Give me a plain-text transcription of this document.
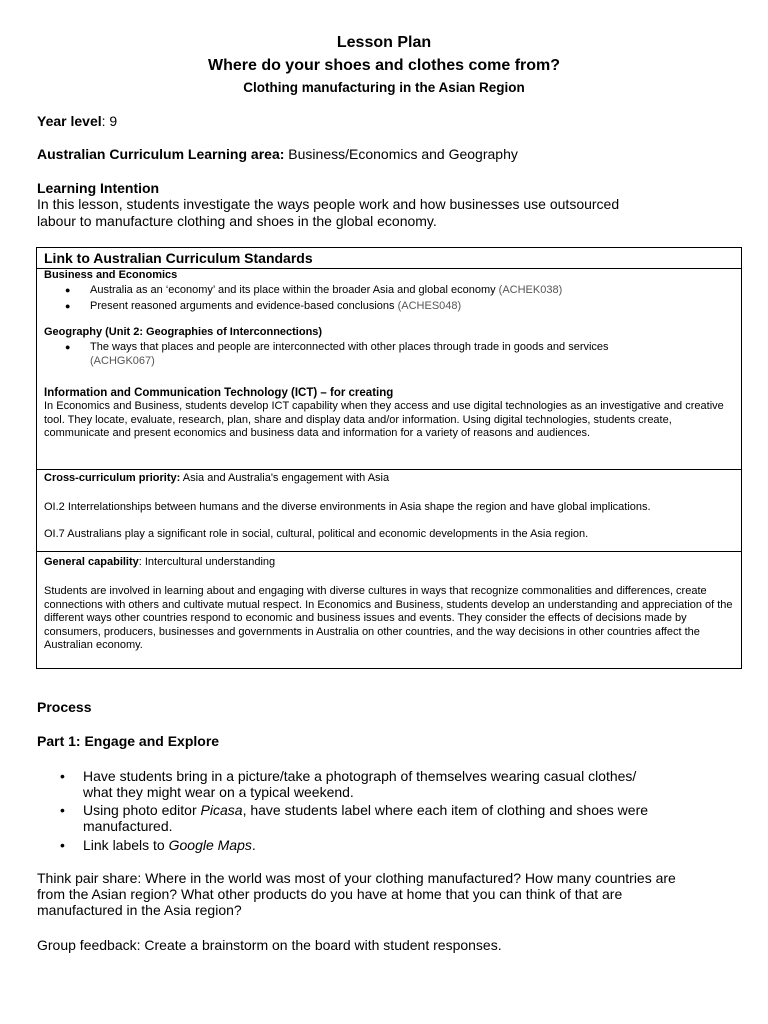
Lesson Plan
Where do your shoes and clothes come from?
Clothing manufacturing in the Asian Region
Year level: 9
Australian Curriculum Learning area: Business/Economics and Geography
Learning Intention
In this lesson, students investigate the ways people work and how businesses use outsourced labour to manufacture clothing and shoes in the global economy.
Link to Australian Curriculum Standards
Business and Economics
● Australia as an ‘economy’ and its place within the broader Asia and global economy (ACHEK038)
● Present reasoned arguments and evidence-based conclusions (ACHES048)
Geography (Unit 2: Geographies of Interconnections)
● The ways that places and people are interconnected with other places through trade in goods and services
(ACHGK067)
Information and Communication Technology (ICT) – for creating
In Economics and Business, students develop ICT capability when they access and use digital technologies as an investigative and creative tool. They locate, evaluate, research, plan, share and display data and/or information. Using digital technologies, students create, communicate and present economics and business data and information for a variety of reasons and audiences.
Cross-curriculum priority: Asia and Australia's engagement with Asia
OI.2 Interrelationships between humans and the diverse environments in Asia shape the region and have global implications.
OI.7 Australians play a significant role in social, cultural, political and economic developments in the Asia region.
General capability: Intercultural understanding
Students are involved in learning about and engaging with diverse cultures in ways that recognize commonalities and differences, create connections with others and cultivate mutual respect. In Economics and Business, students develop an understanding and appreciation of the different ways other countries respond to economic and business issues and events. They consider the effects of decisions made by consumers, producers, businesses and governments in Australia on other countries, and the way decisions in other countries affect the Australian economy.
Process
Part 1: Engage and Explore
• Have students bring in a picture/take a photograph of themselves wearing casual clothes/ what they might wear on a typical weekend.
• Using photo editor Picasa, have students label where each item of clothing and shoes were manufactured.
• Link labels to Google Maps.
Think pair share: Where in the world was most of your clothing manufactured? How many countries are from the Asian region? What other products do you have at home that you can think of that are manufactured in the Asia region?
Group feedback: Create a brainstorm on the board with student responses.
